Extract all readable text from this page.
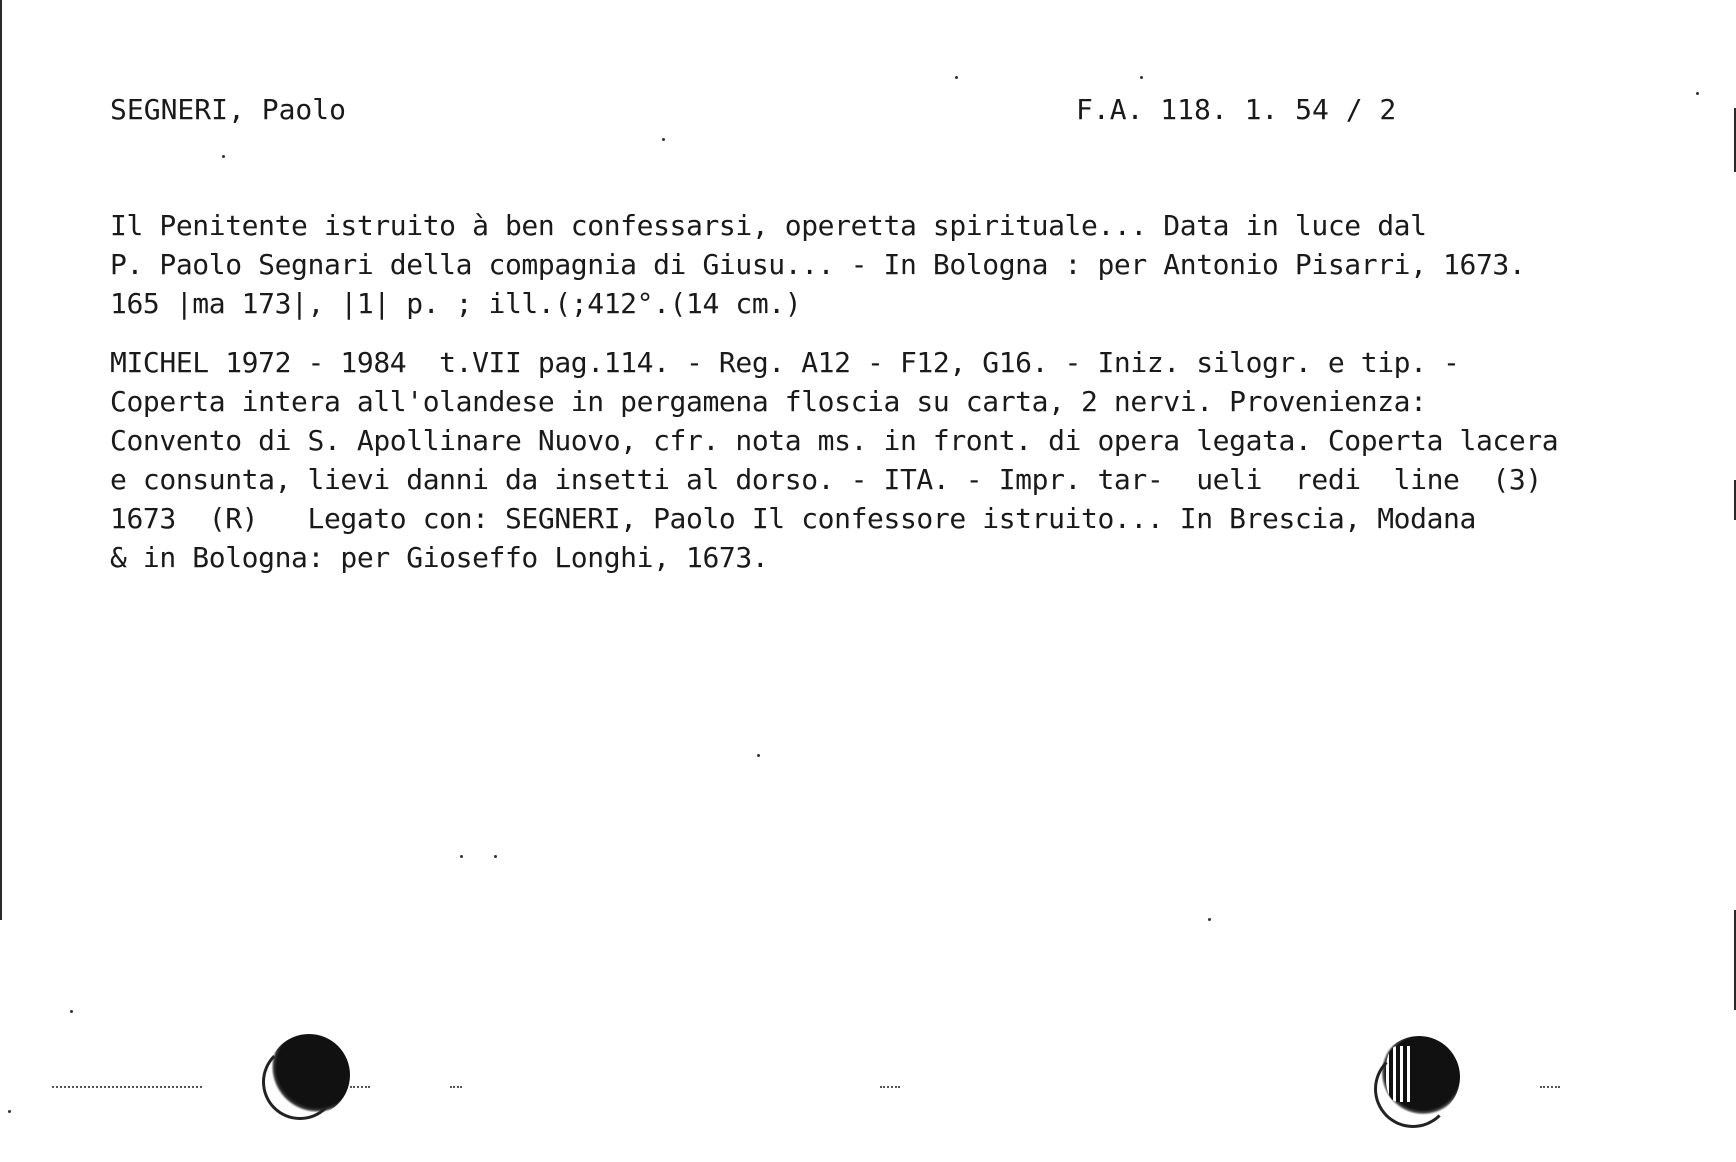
SEGNERI, Paolo	F.A. 118. 1. 54 / 2
Il Penitente istruito à ben confessarsi, operetta spirituale... Data in luce dal
P. Paolo Segnari della compagnia di Giusu... - In Bologna : per Antonio Pisarri, 1673.
165 |ma 173|, |1| p. ; ill.(;412°.(14 cm.)
MICHEL 1972 - 1984  t.VII pag.114. - Reg. A12 - F12, G16. - Iniz. silogr. e tip. -
Coperta intera all'olandese in pergamena floscia su carta, 2 nervi. Provenienza:
Convento di S. Apollinare Nuovo, cfr. nota ms. in front. di opera legata. Coperta lacera
e consunta, lievi danni da insetti al dorso. - ITA. - Impr. tar-  ueli  redi  line  (3)
1673  (R)   Legato con: SEGNERI, Paolo Il confessore istruito... In Brescia, Modana
& in Bologna: per Gioseffo Longhi, 1673.
